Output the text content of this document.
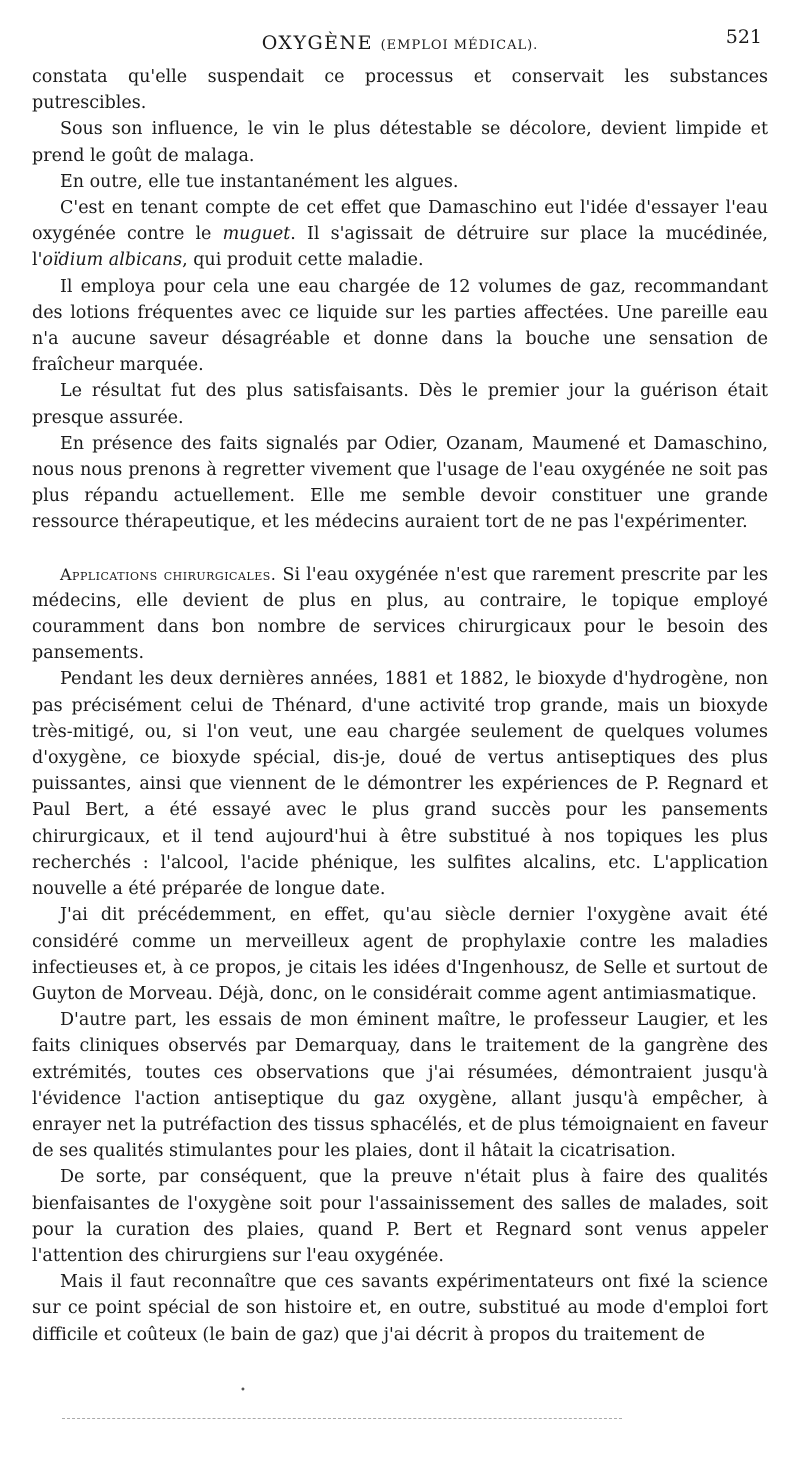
OXYGÈNE (EMPLOI MÉDICAL).	521

constata qu'elle suspendait ce processus et conservait les substances putrescibles.

Sous son influence, le vin le plus détestable se décolore, devient limpide et prend le goût de malaga.

En outre, elle tue instantanément les algues.

C'est en tenant compte de cet effet que Damaschino eut l'idée d'essayer l'eau oxygénée contre le muguet. Il s'agissait de détruire sur place la mucédinée, l'oïdium albicans, qui produit cette maladie.

Il employa pour cela une eau chargée de 12 volumes de gaz, recommandant des lotions fréquentes avec ce liquide sur les parties affectées. Une pareille eau n'a aucune saveur désagréable et donne dans la bouche une sensation de fraîcheur marquée.

Le résultat fut des plus satisfaisants. Dès le premier jour la guérison était presque assurée.

En présence des faits signalés par Odier, Ozanam, Maumené et Damaschino, nous nous prenons à regretter vivement que l'usage de l'eau oxygénée ne soit pas plus répandu actuellement. Elle me semble devoir constituer une grande ressource thérapeutique, et les médecins auraient tort de ne pas l'expérimenter.

Applications chirurgicales. Si l'eau oxygénée n'est que rarement prescrite par les médecins, elle devient de plus en plus, au contraire, le topique employé couramment dans bon nombre de services chirurgicaux pour le besoin des pansements.

Pendant les deux dernières années, 1881 et 1882, le bioxyde d'hydrogène, non pas précisément celui de Thénard, d'une activité trop grande, mais un bioxyde très-mitigé, ou, si l'on veut, une eau chargée seulement de quelques volumes d'oxygène, ce bioxyde spécial, dis-je, doué de vertus antiseptiques des plus puissantes, ainsi que viennent de le démontrer les expériences de P. Regnard et Paul Bert, a été essayé avec le plus grand succès pour les pansements chirurgicaux, et il tend aujourd'hui à être substitué à nos topiques les plus recherchés : l'alcool, l'acide phénique, les sulfites alcalins, etc. L'application nouvelle a été préparée de longue date.

J'ai dit précédemment, en effet, qu'au siècle dernier l'oxygène avait été considéré comme un merveilleux agent de prophylaxie contre les maladies infectieuses et, à ce propos, je citais les idées d'Ingenhousz, de Selle et surtout de Guyton de Morveau. Déjà, donc, on le considérait comme agent antimiasmatique.

D'autre part, les essais de mon éminent maître, le professeur Laugier, et les faits cliniques observés par Demarquay, dans le traitement de la gangrène des extrémités, toutes ces observations que j'ai résumées, démontraient jusqu'à l'évidence l'action antiseptique du gaz oxygène, allant jusqu'à empêcher, à enrayer net la putréfaction des tissus sphacélés, et de plus témoignaient en faveur de ses qualités stimulantes pour les plaies, dont il hâtait la cicatrisation.

De sorte, par conséquent, que la preuve n'était plus à faire des qualités bienfaisantes de l'oxygène soit pour l'assainissement des salles de malades, soit pour la curation des plaies, quand P. Bert et Regnard sont venus appeler l'attention des chirurgiens sur l'eau oxygénée.

Mais il faut reconnaître que ces savants expérimentateurs ont fixé la science sur ce point spécial de son histoire et, en outre, substitué au mode d'emploi fort difficile et coûteux (le bain de gaz) que j'ai décrit à propos du traitement de

•
